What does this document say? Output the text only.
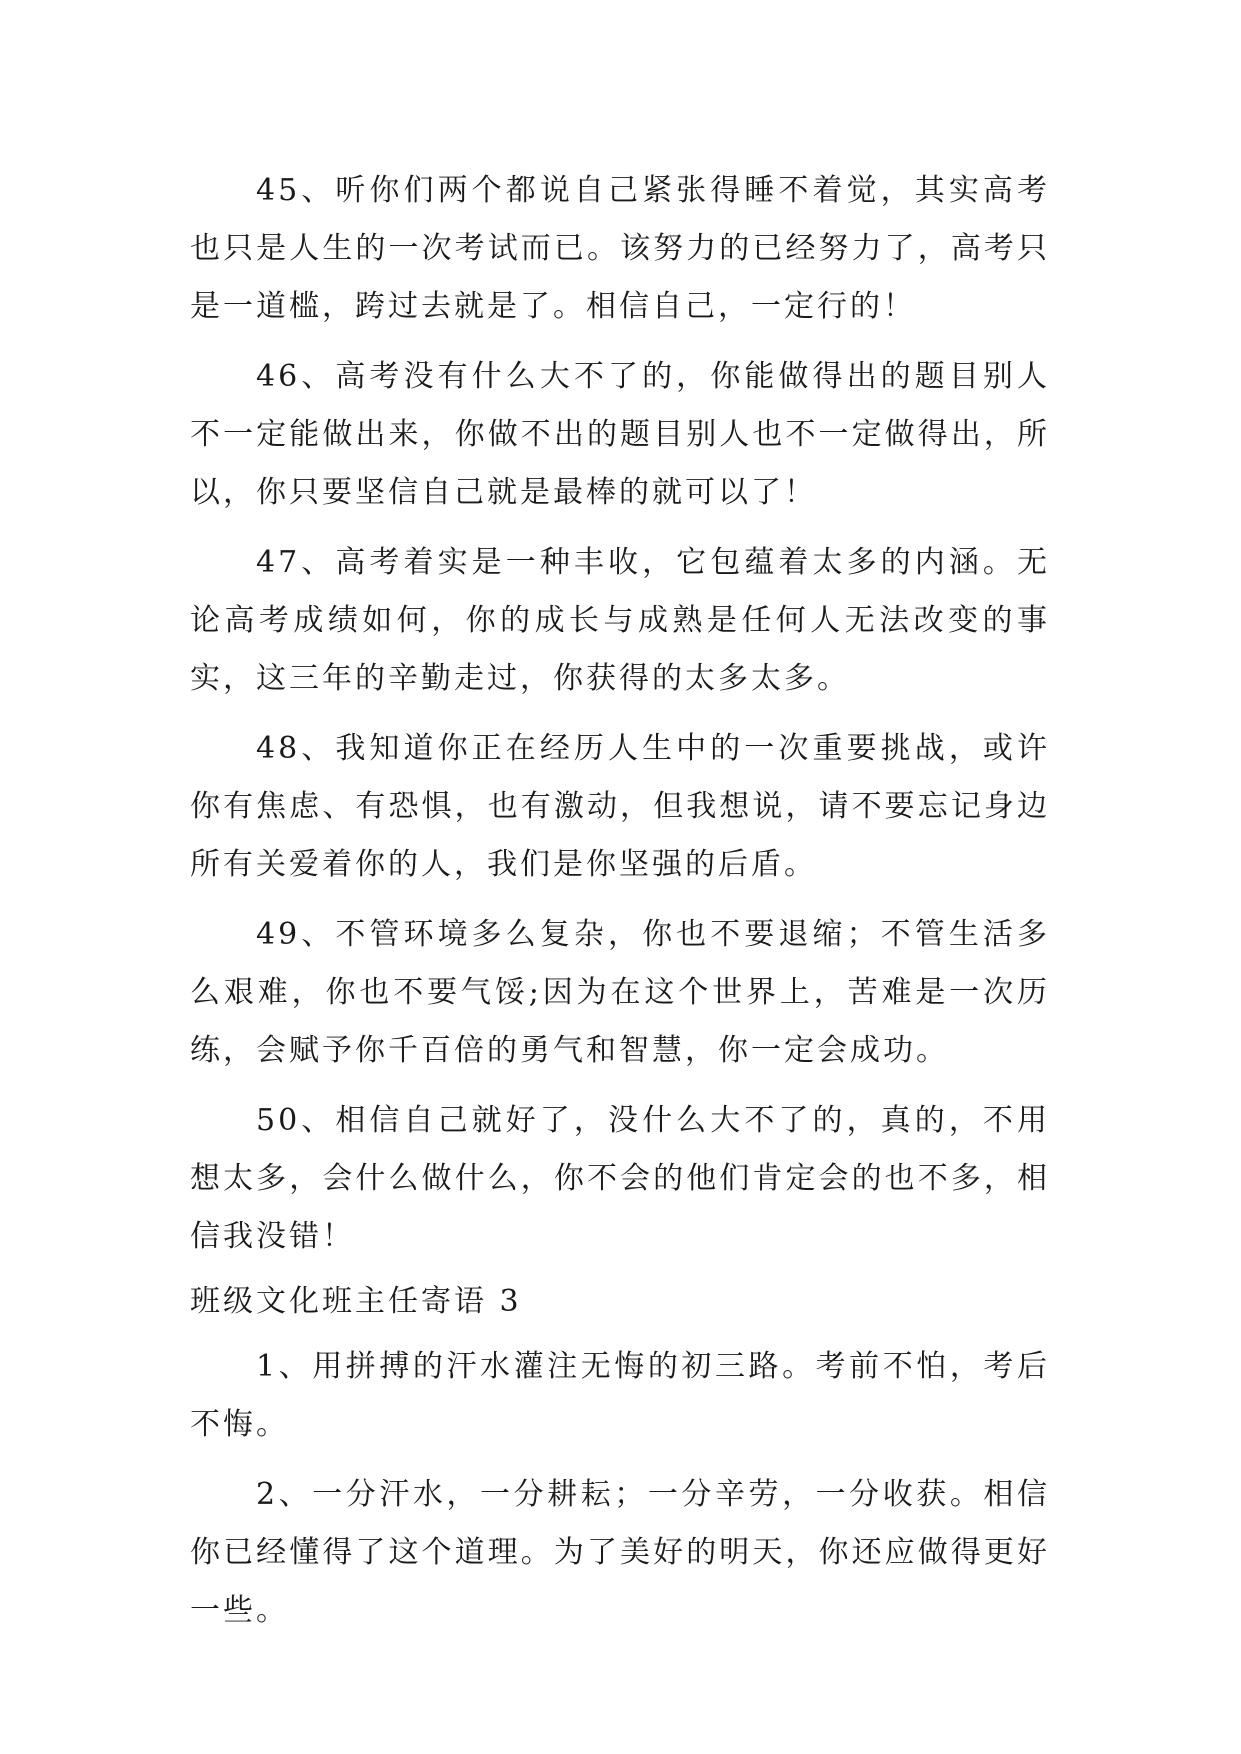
45、听你们两个都说自己紧张得睡不着觉，其实高考也只是人生的一次考试而已。该努力的已经努力了，高考只是一道槛，跨过去就是了。相信自己，一定行的！

46、高考没有什么大不了的，你能做得出的题目别人不一定能做出来，你做不出的题目别人也不一定做得出，所以，你只要坚信自己就是最棒的就可以了！

47、高考着实是一种丰收，它包蕴着太多的内涵。无论高考成绩如何，你的成长与成熟是任何人无法改变的事实，这三年的辛勤走过，你获得的太多太多。

48、我知道你正在经历人生中的一次重要挑战，或许你有焦虑、有恐惧，也有激动，但我想说，请不要忘记身边所有关爱着你的人，我们是你坚强的后盾。

49、不管环境多么复杂，你也不要退缩；不管生活多么艰难，你也不要气馁;因为在这个世界上，苦难是一次历练，会赋予你千百倍的勇气和智慧，你一定会成功。

50、相信自己就好了，没什么大不了的，真的，不用想太多，会什么做什么，你不会的他们肯定会的也不多，相信我没错！

班级文化班主任寄语 3

1、用拼搏的汗水灌注无悔的初三路。考前不怕，考后不悔。

2、一分汗水，一分耕耘；一分辛劳，一分收获。相信你已经懂得了这个道理。为了美好的明天，你还应做得更好一些。
